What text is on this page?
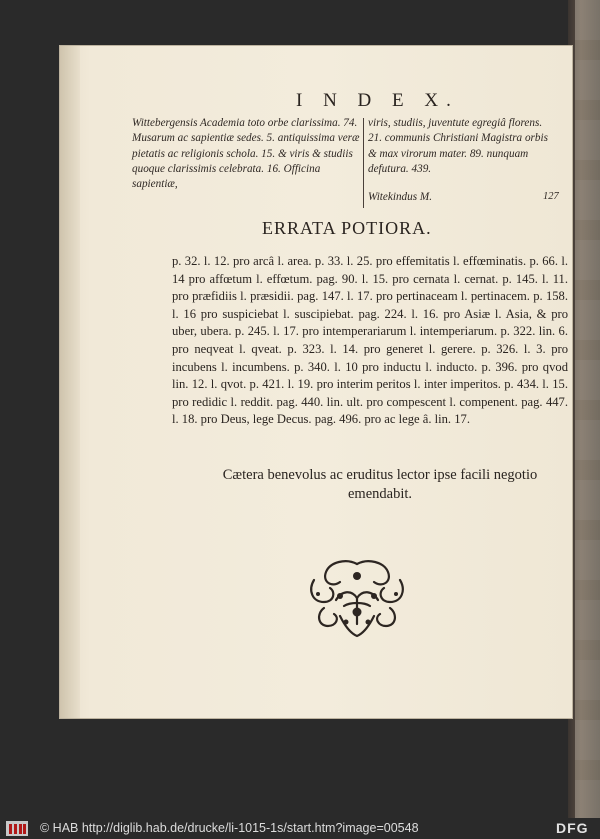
I N D E X.
Wittebergensis Academia toto orbe clarissima. 74. Musarum ac sapientiæ sedes. 5. antiquissima veræ pietatis ac religionis schola. 15. & viris & studiis quoque clarissimis celebrata. 16. Officina sapientiæ,
viris, studiis, juventute egregiâ florens. 21. communis Christiani Magistra orbis & max virorum mater. 89. nunquam defutura. 439.
Witekindus M.	127
ERRATA POTIORA.
p. 32. l. 12. pro arcâ l. area. p. 33. l. 25. pro effemitatis l. effœminatis. p. 66. l. 14 pro affœtum l. effœtum. pag. 90. l. 15. pro cernata l. cernat. p. 145. l. 11. pro præfidiis l. præsidii. pag. 147. l. 17. pro pertinaceam l. pertinacem. p. 158. l. 16 pro suspiciebat l. suscipiebat. pag. 224. l. 16. pro Asiæ l. Asia, & pro uber, ubera. p. 245. l. 17. pro intemperariarum l. intemperiarum. p. 322. lin. 6. pro neqveat l. qveat. p. 323. l. 14. pro generet l. gerere. p. 326. l. 3. pro incubens l. incumbens. p. 340. l. 10 pro inductu l. inducto. p. 396. pro qvod lin. 12. l. qvot. p. 421. l. 19. pro interim peritos l. inter imperitos. p. 434. l. 15. pro redidic l. reddit. pag. 440. lin. ult. pro compescent l. compenent. pag. 447. l. 18. pro Deus, lege Decus. pag. 496. pro ac lege â. lin. 17.
Cætera benevolus ac eruditus lector ipse facili negotio emendabit.
© HAB http://diglib.hab.de/drucke/li-1015-1s/start.htm?image=00548	DFG
